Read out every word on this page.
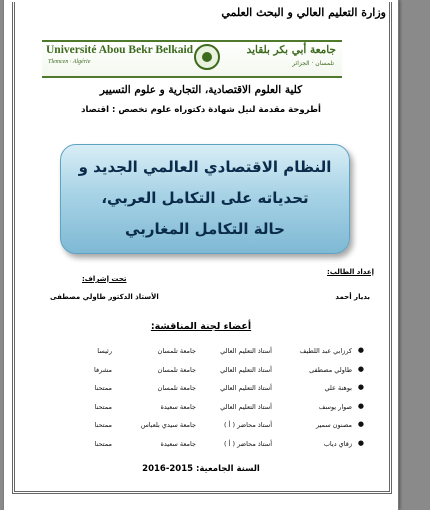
وزارة التعليم العالي و البحث العلمي
Université Abou Bekr Belkaid
Tlemcen · Algérie
جامعة أبي بكر بلقايد
تلمسان · الجزائر
كلية العلوم الاقتصادية، التجارية و علوم التسيير
أطروحة مقدمة لنيل شهادة دكتوراه علوم تخصص : اقتصاد
النظام الاقتصادي العالمي الجديد و
تحدياته على التكامل العربي،
حالة التكامل المغاربي
إعداد الطالب:
بديار أحمد
تحت إشراف:
الأستاذ الدكتور طاولي مصطفى
أعضاء لجنة المناقشة:
●
كرزابي عبد اللطيف
أستاذ التعليم العالي
جامعة تلمسان
رئيسا
●
طاولي مصطفى
أستاذ التعليم العالي
جامعة تلمسان
مشرفا
●
بوهنة علي
أستاذ التعليم العالي
جامعة تلمسان
ممتحنا
●
صوار يوسف
أستاذ التعليم العالي
جامعة سعيدة
ممتحنا
●
مصنون سمير
أستاذ محاضر ( أ )
جامعة سيدي بلعباس
ممتحنا
●
زقاي دياب
أستاذ محاضر ( أ )
جامعة سعيدة
ممتحنا
السنة الجامعية: 2015-2016
